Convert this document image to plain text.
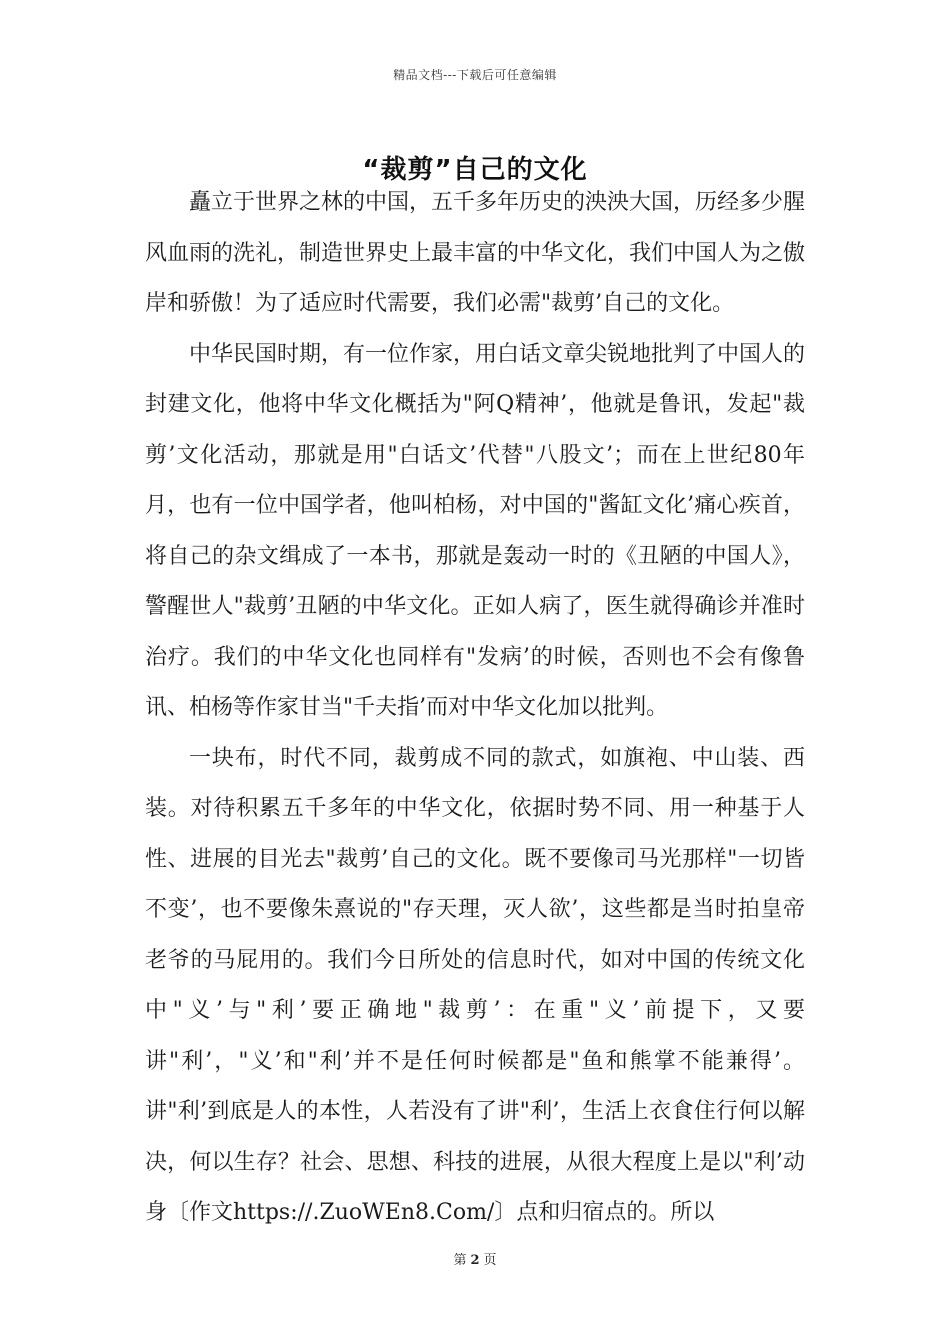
精品文档---下载后可任意编辑
“裁剪”自己的文化

矗立于世界之林的中国，五千多年历史的泱泱大国，历经多少腥风血雨的洗礼，制造世界史上最丰富的中华文化，我们中国人为之傲岸和骄傲！为了适应时代需要，我们必需"裁剪’自己的文化。

中华民国时期，有一位作家，用白话文章尖锐地批判了中国人的封建文化，他将中华文化概括为"阿Q精神’，他就是鲁讯，发起"裁剪’文化活动，那就是用"白话文’代替"八股文’；而在上世纪80年月，也有一位中国学者，他叫柏杨，对中国的"酱缸文化’痛心疾首，将自己的杂文缉成了一本书，那就是轰动一时的《丑陋的中国人》，警醒世人"裁剪’丑陋的中华文化。正如人病了，医生就得确诊并准时治疗。我们的中华文化也同样有"发病’的时候，否则也不会有像鲁讯、柏杨等作家甘当"千夫指’而对中华文化加以批判。

一块布，时代不同，裁剪成不同的款式，如旗袍、中山装、西装。对待积累五千多年的中华文化，依据时势不同、用一种基于人性、进展的目光去"裁剪’自己的文化。既不要像司马光那样"一切皆不变’，也不要像朱熹说的"存天理，灭人欲’，这些都是当时拍皇帝老爷的马屁用的。我们今日所处的信息时代，如对中国的传统文化中"义’与"利’要正确地"裁剪’：在重"义’前提下，又要讲"利’，"义’和"利’并不是任何时候都是"鱼和熊掌不能兼得’。讲"利’到底是人的本性，人若没有了讲"利’，生活上衣食住行何以解决，何以生存？社会、思想、科技的进展，从很大程度上是以"利’动身〔作文https://.ZuoWEn8.Com/〕点和归宿点的。所以

第 2 页
